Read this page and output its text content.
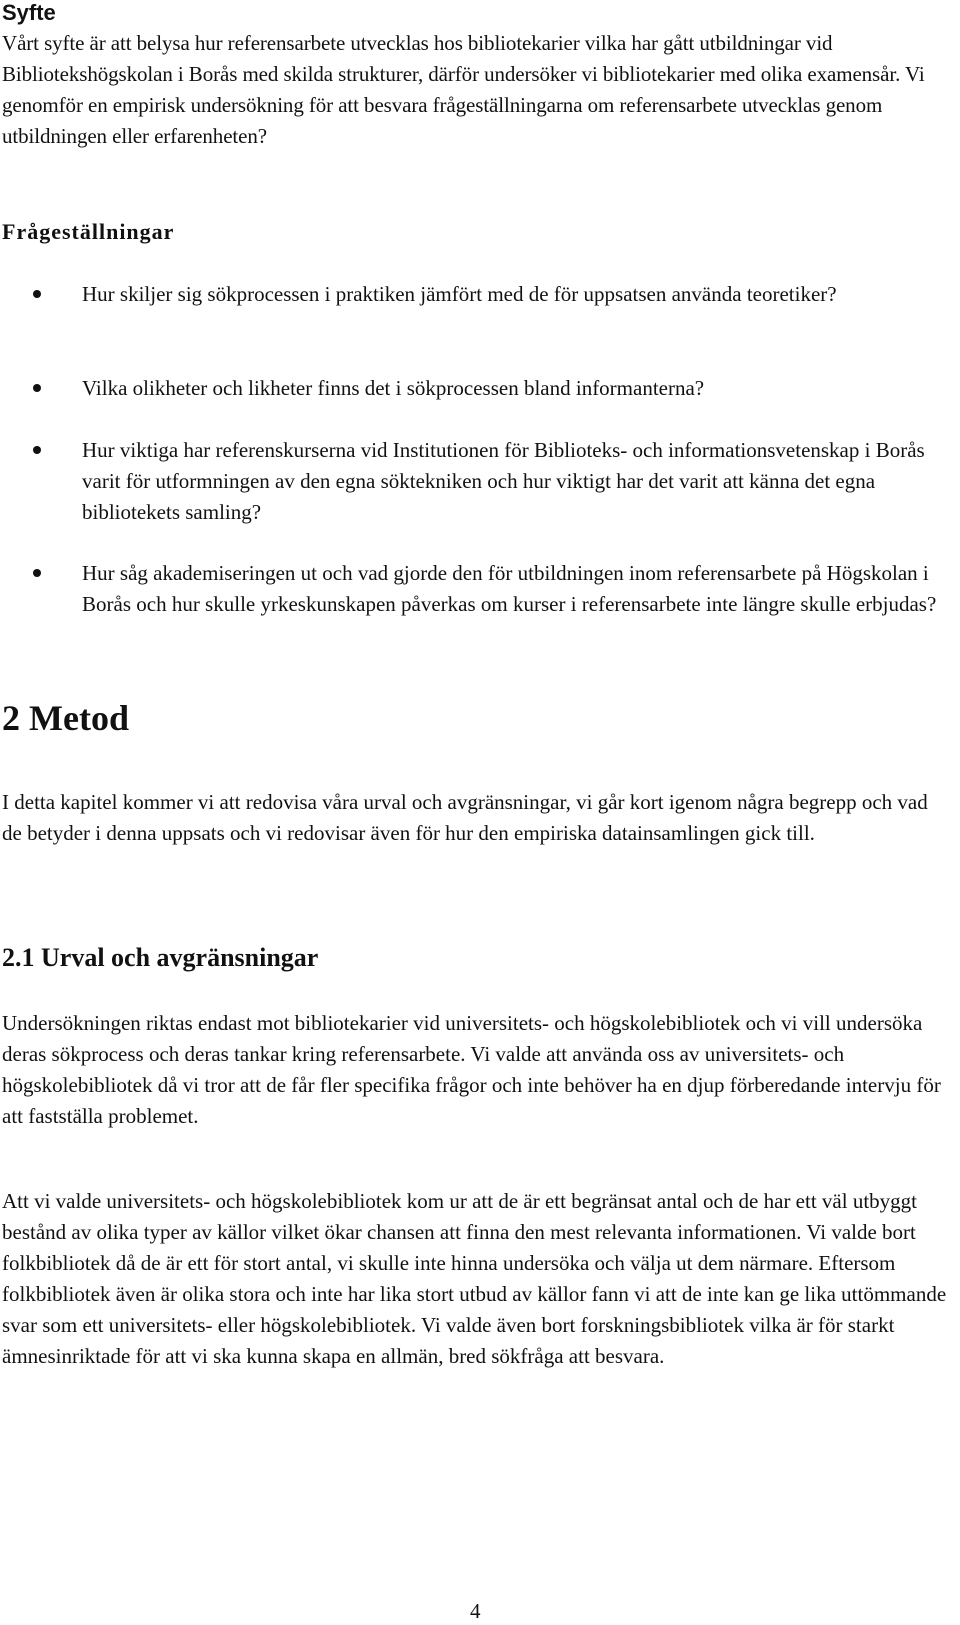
Syfte

Vårt syfte är att belysa hur referensarbete utvecklas hos bibliotekarier vilka har gått utbildningar vid Bibliotekshögskolan i Borås med skilda strukturer, därför undersöker vi bibliotekarier med olika examensår. Vi genomför en empirisk undersökning för att besvara frågeställningarna om referensarbete utvecklas genom utbildningen eller erfarenheten?

Frågeställningar

Hur skiljer sig sökprocessen i praktiken jämfört med de för uppsatsen använda teoretiker?

Vilka olikheter och likheter finns det i sökprocessen bland informanterna?

Hur viktiga har referenskurserna vid Institutionen för Biblioteks- och informationsvetenskap i Borås varit för utformningen av den egna söktekniken och hur viktigt har det varit att känna det egna bibliotekets samling?

Hur såg akademiseringen ut och vad gjorde den för utbildningen inom referensarbete på Högskolan i Borås och hur skulle yrkeskunskapen påverkas om kurser i referensarbete inte längre skulle erbjudas?

2 Metod

I detta kapitel kommer vi att redovisa våra urval och avgränsningar, vi går kort igenom några begrepp och vad de betyder i denna uppsats och vi redovisar även för hur den empiriska datainsamlingen gick till.

2.1 Urval och avgränsningar

Undersökningen riktas endast mot bibliotekarier vid universitets- och högskolebibliotek och vi vill undersöka deras sökprocess och deras tankar kring referensarbete. Vi valde att använda oss av universitets- och högskolebibliotek då vi tror att de får fler specifika frågor och inte behöver ha en djup förberedande intervju för att fastställa problemet.

Att vi valde universitets- och högskolebibliotek kom ur att de är ett begränsat antal och de har ett väl utbyggt bestånd av olika typer av källor vilket ökar chansen att finna den mest relevanta informationen. Vi valde bort folkbibliotek då de är ett för stort antal, vi skulle inte hinna undersöka och välja ut dem närmare. Eftersom folkbibliotek även är olika stora och inte har lika stort utbud av källor fann vi att de inte kan ge lika uttömmande svar som ett universitets- eller högskolebibliotek. Vi valde även bort forskningsbibliotek vilka är för starkt ämnesinriktade för att vi ska kunna skapa en allmän, bred sökfråga att besvara.

4
